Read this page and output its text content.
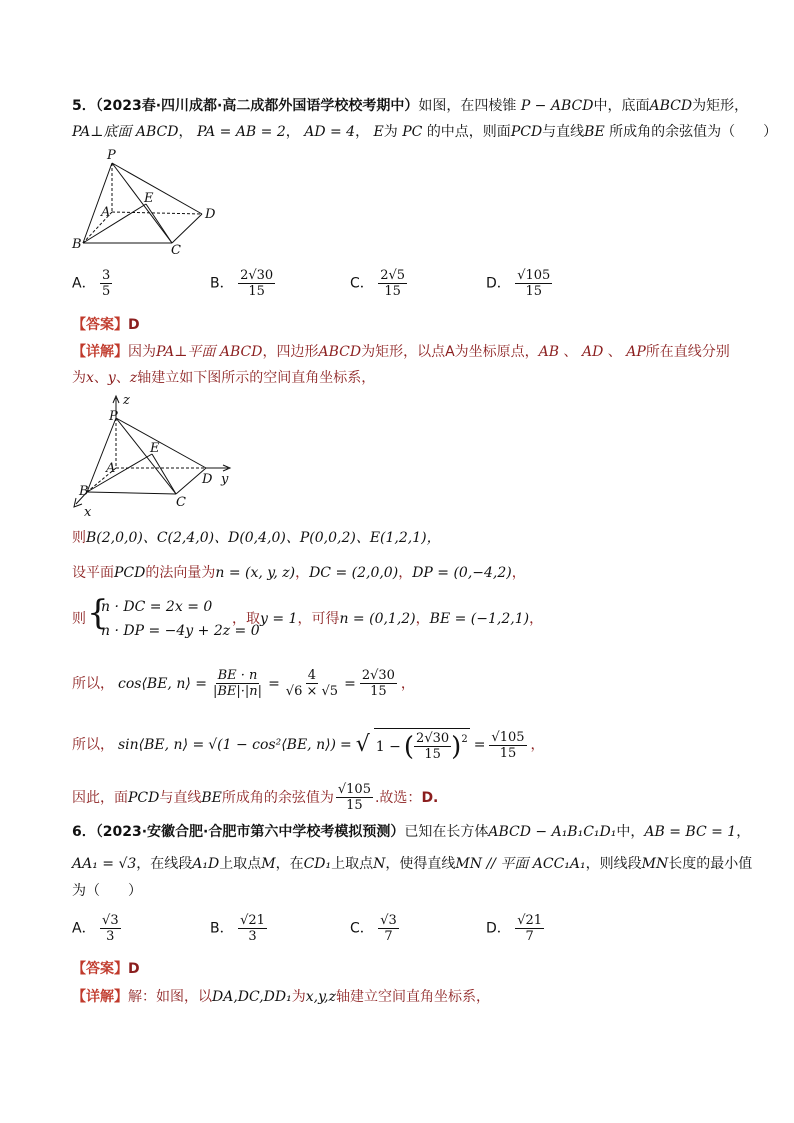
5．（2023春·四川成都·高二成都外国语学校校考期中）如图，在四棱锥 P − ABCD中，底面ABCD为矩形，
PA⊥底面 ABCD， PA = AB = 2， AD = 4， E为 PC 的中点，则面PCD与直线BE 所成角的余弦值为（　　）
P
A
E
D
B	C
A． $\frac{3}{5}$	B． $\frac{2√30}{15}$	C． $\frac{2√5}{15}$	D． $\frac{√105}{15}$
【答案】D
【详解】因为PA⊥平面 ABCD，四边形ABCD为矩形，以点A为坐标原点，AB 、 AD 、 AP所在直线分别
为x、y、z轴建立如下图所示的空间直角坐标系，
P
z
A
E
D y
B
C
x
则B(2,0,0)、C(2,4,0)、D(0,4,0)、P(0,0,2)、E(1,2,1)，
设平面PCD的法向量为n = (x, y, z)，DC = (2,0,0)，DP = (0,−4,2)，
则 {
n · DC = 2x = 0
n · DP = −4y + 2z = 0
，取y = 1，可得n = (0,1,2)，BE = (−1,2,1)，
所以， cos⟨BE, n⟩ = $\frac{BE \cdot n}{|BE|\cdot|n|} = \frac{4}{√6 \times √5} = \frac{2√30}{15}$ ，
所以， sin⟨BE, n⟩ = √(1 − cos²⟨BE, n⟩) = √ 1 − ( $\frac{2√30}{15} )^2 = \frac{√105}{15}$ ，
因此，面 PCD 与直线 BE 所成角的余弦值为 $\frac{√105}{15}$ .故选： D.
6．（2023·安徽合肥·合肥市第六中学校考模拟预测）已知在长方体ABCD − A₁B₁C₁D₁中，AB = BC = 1，
AA₁ = √3，在线段A₁D上取点M，在CD₁上取点N，使得直线MN // 平面 ACC₁A₁，则线段MN长度的最小值
为（　　）
A． $\frac{√3}{3}$	B． $\frac{√21}{3}$	C． $\frac{√3}{7}$	D． $\frac{√21}{7}$
【答案】D
【详解】解：如图，以DA,DC,DD₁为x,y,z轴建立空间直角坐标系，
